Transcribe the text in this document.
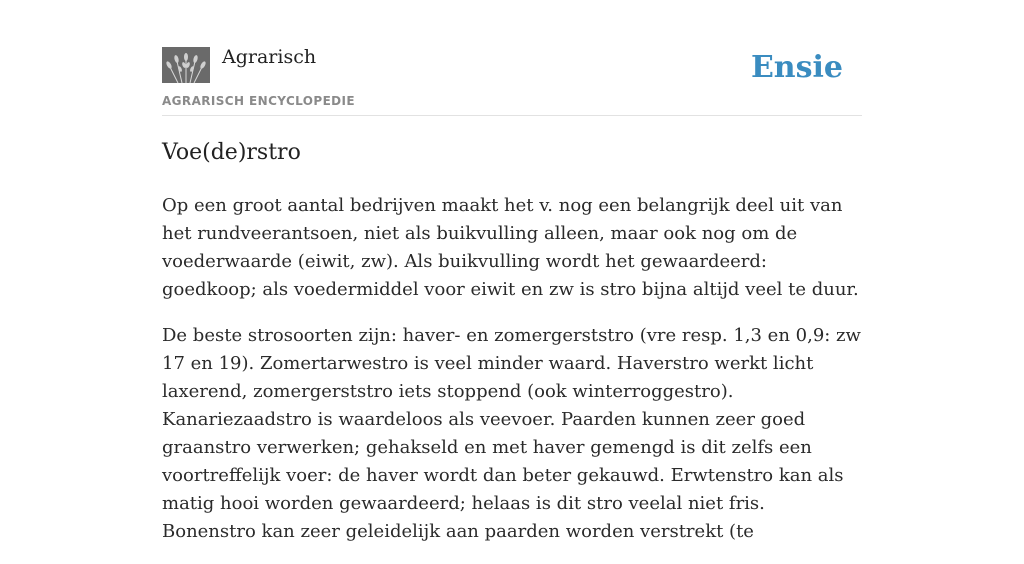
Agrarisch
AGRARISCH ENCYCLOPEDIE
Ensie
Voe(de)rstro

Op een groot aantal bedrijven maakt het v. nog een belangrijk deel uit van het rundveerantsoen, niet als buikvulling alleen, maar ook nog om de voederwaarde (eiwit, zw). Als buikvulling wordt het gewaardeerd: goedkoop; als voedermiddel voor eiwit en zw is stro bijna altijd veel te duur.

De beste strosoorten zijn: haver- en zomergerststro (vre resp. 1,3 en 0,9: zw 17 en 19). Zomertarwestro is veel minder waard. Haverstro werkt licht laxerend, zomergerststro iets stoppend (ook winterroggestro). Kanariezaadstro is waardeloos als veevoer. Paarden kunnen zeer goed graanstro verwerken; gehakseld en met haver gemengd is dit zelfs een voortreffelijk voer: de haver wordt dan beter gekauwd. Erwtenstro kan als matig hooi worden gewaardeerd; helaas is dit stro veelal niet fris. Bonenstro kan zeer geleidelijk aan paarden worden verstrekt (te
